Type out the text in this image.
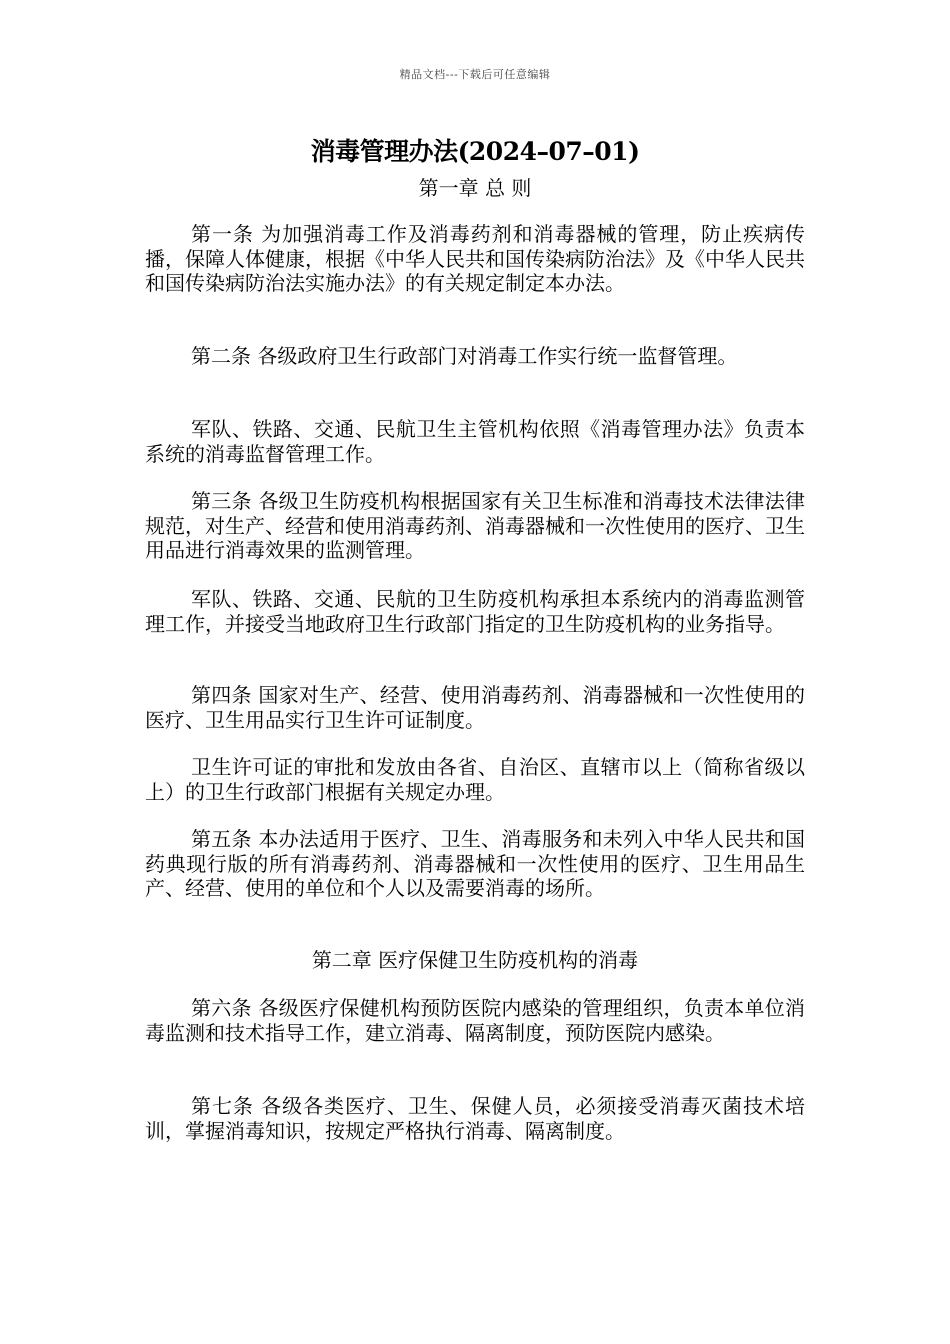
精品文档---下载后可任意编辑
消毒管理办法(2024–07–01)
第一章 总 则

第一条 为加强消毒工作及消毒药剂和消毒器械的管理，防止疾病传播，保障人体健康，根据《中华人民共和国传染病防治法》及《中华人民共和国传染病防治法实施办法》的有关规定制定本办法。

第二条 各级政府卫生行政部门对消毒工作实行统一监督管理。

军队、铁路、交通、民航卫生主管机构依照《消毒管理办法》负责本系统的消毒监督管理工作。

第三条 各级卫生防疫机构根据国家有关卫生标准和消毒技术法律法律规范，对生产、经营和使用消毒药剂、消毒器械和一次性使用的医疗、卫生用品进行消毒效果的监测管理。

军队、铁路、交通、民航的卫生防疫机构承担本系统内的消毒监测管理工作，并接受当地政府卫生行政部门指定的卫生防疫机构的业务指导。

第四条 国家对生产、经营、使用消毒药剂、消毒器械和一次性使用的医疗、卫生用品实行卫生许可证制度。

卫生许可证的审批和发放由各省、自治区、直辖市以上（简称省级以上）的卫生行政部门根据有关规定办理。

第五条 本办法适用于医疗、卫生、消毒服务和未列入中华人民共和国药典现行版的所有消毒药剂、消毒器械和一次性使用的医疗、卫生用品生产、经营、使用的单位和个人以及需要消毒的场所。

第二章 医疗保健卫生防疫机构的消毒

第六条 各级医疗保健机构预防医院内感染的管理组织，负责本单位消毒监测和技术指导工作，建立消毒、隔离制度，预防医院内感染。

第七条 各级各类医疗、卫生、保健人员，必须接受消毒灭菌技术培训，掌握消毒知识，按规定严格执行消毒、隔离制度。
